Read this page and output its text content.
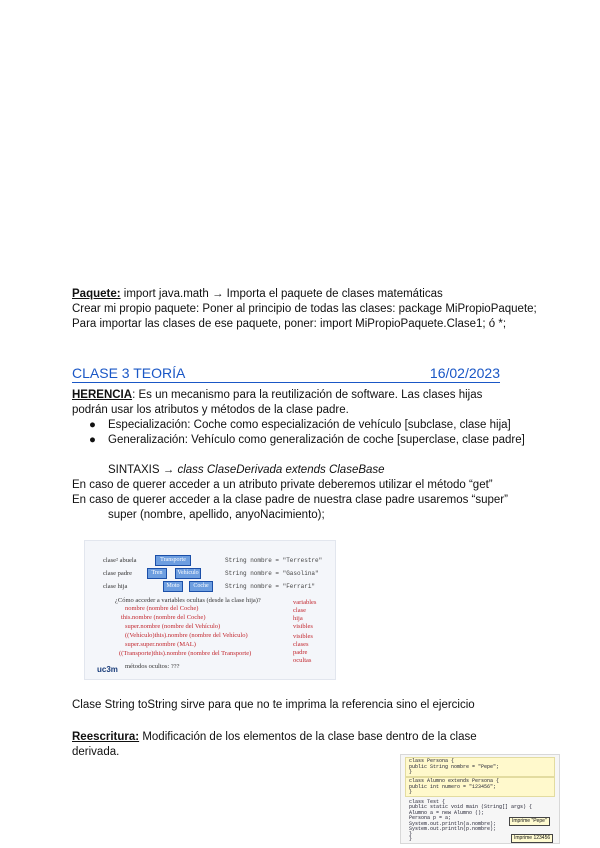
Paquete: import java.math → Importa el paquete de clases matemáticas
Crear mi propio paquete: Poner al principio de todas las clases: package MiPropioPaquete;
Para importar las clases de ese paquete, poner: import MiPropioPaquete.Clase1; ó *;
CLASE 3 TEORÍA	16/02/2023
HERENCIA: Es un mecanismo para la reutilización de software. Las clases hijas podrán usar los atributos y métodos de la clase padre.
● Especialización: Coche como especialización de vehículo [subclase, clase hija]
● Generalización: Vehículo como generalización de coche [superclase, clase padre]
SINTAXIS → class ClaseDerivada extends ClaseBase
En caso de querer acceder a un atributo private deberemos utilizar el método “get”
En caso de querer acceder a la clase padre de nuestra clase padre usaremos “super”
super (nombre, apellido, anyoNacimiento);
clase² abuela	Transporte	String nombre = "Terrestre"
clase padre	Tren	Vehículo	String nombre = "Gasolina"
clase hija	Moto	Coche	String nombre = "Ferrari"
¿Cómo acceder a variables ocultas (desde la clase hija)?
nombre (nombre del Coche)
this.nombre (nombre del Coche)
super.nombre (nombre del Vehículo)
((Vehículo)this).nombre (nombre del Vehículo)
super.super.nombre (MAL)
((Transporte)this).nombre (nombre del Transporte)
variables
clase
hija
visibles
visibles
clases
padre
ocultas
métodos ocultos: ???
uc3m
Clase String toString sirve para que no te imprima la referencia sino el ejercicio
Reescritura: Modificación de los elementos de la clase base dentro de la clase derivada.
class Persona {
public String nombre = "Pepe";
}
class Alumno extends Persona {
public int numero = "123456";
}
class Test {
public static void main (String[] args) {
Alumno a = new Alumno ();
Persona p = a;
System.out.println(a.nombre);
System.out.println(p.nombre);
}
}
Imprime "Pepe"
Imprime 123456
